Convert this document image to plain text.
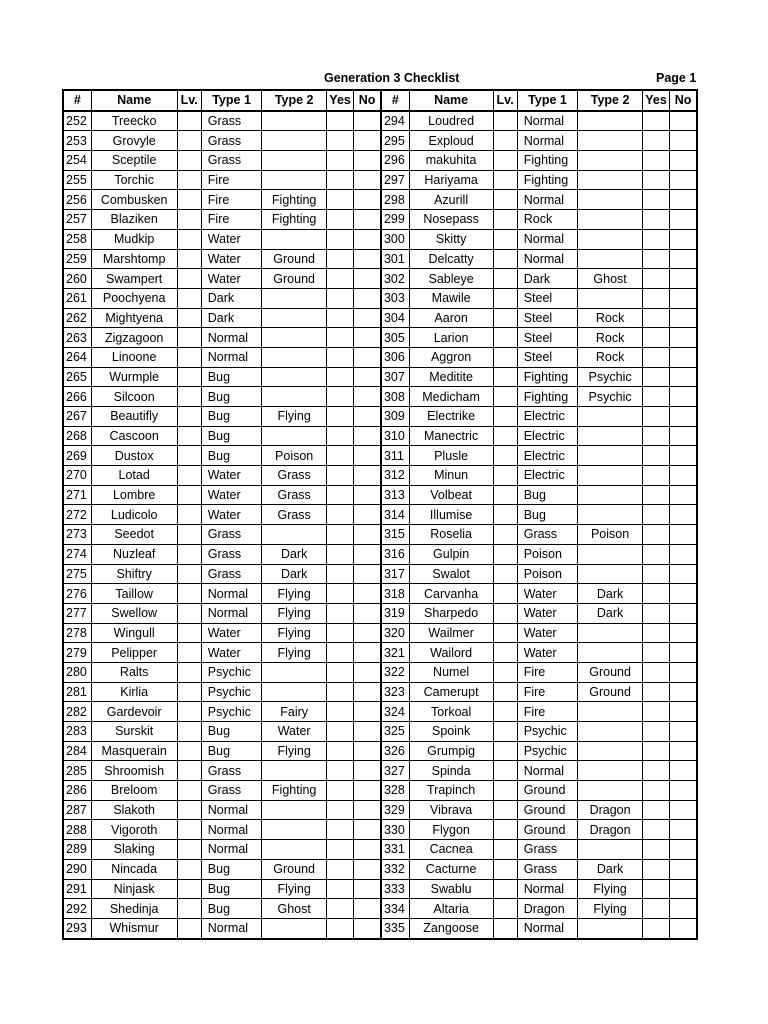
Generation 3 Checklist	Page 1
#	Name	Lv.	Type 1	Type 2	Yes	No	#	Name	Lv.	Type 1	Type 2	Yes	No
252	Treecko		Grass				294	Loudred		Normal			
253	Grovyle		Grass				295	Exploud		Normal			
254	Sceptile		Grass				296	makuhita		Fighting			
255	Torchic		Fire				297	Hariyama		Fighting			
256	Combusken		Fire	Fighting			298	Azurill		Normal			
257	Blaziken		Fire	Fighting			299	Nosepass		Rock			
258	Mudkip		Water				300	Skitty		Normal			
259	Marshtomp		Water	Ground			301	Delcatty		Normal			
260	Swampert		Water	Ground			302	Sableye		Dark	Ghost		
261	Poochyena		Dark				303	Mawile		Steel			
262	Mightyena		Dark				304	Aaron		Steel	Rock		
263	Zigzagoon		Normal				305	Larion		Steel	Rock		
264	Linoone		Normal				306	Aggron		Steel	Rock		
265	Wurmple		Bug				307	Medititе		Fighting	Psychic		
266	Silcoon		Bug				308	Medicham		Fighting	Psychic		
267	Beautifly		Bug	Flying			309	Electrike		Electric			
268	Cascoon		Bug				310	Manectric		Electric			
269	Dustox		Bug	Poison			311	Plusle		Electric			
270	Lotad		Water	Grass			312	Minun		Electric			
271	Lombre		Water	Grass			313	Volbeat		Bug			
272	Ludicolo		Water	Grass			314	Illumise		Bug			
273	Seedot		Grass				315	Roselia		Grass	Poison		
274	Nuzleaf		Grass	Dark			316	Gulpin		Poison			
275	Shiftry		Grass	Dark			317	Swalot		Poison			
276	Taillow		Normal	Flying			318	Carvanha		Water	Dark		
277	Swellow		Normal	Flying			319	Sharpedo		Water	Dark		
278	Wingull		Water	Flying			320	Wailmer		Water			
279	Pelipper		Water	Flying			321	Wailord		Water			
280	Ralts		Psychic				322	Numel		Fire	Ground		
281	Kirlia		Psychic				323	Camerupt		Fire	Ground		
282	Gardevoir		Psychic	Fairy			324	Torkoal		Fire			
283	Surskit		Bug	Water			325	Spoink		Psychic			
284	Masquerain		Bug	Flying			326	Grumpig		Psychic			
285	Shroomish		Grass				327	Spinda		Normal			
286	Breloom		Grass	Fighting			328	Trapinch		Ground			
287	Slakoth		Normal				329	Vibrava		Ground	Dragon		
288	Vigoroth		Normal				330	Flygon		Ground	Dragon		
289	Slaking		Normal				331	Cacnea		Grass			
290	Nincada		Bug	Ground			332	Cacturne		Grass	Dark		
291	Ninjask		Bug	Flying			333	Swablu		Normal	Flying		
292	Shedinja		Bug	Ghost			334	Altaria		Dragon	Flying		
293	Whismur		Normal				335	Zangoose		Normal			
